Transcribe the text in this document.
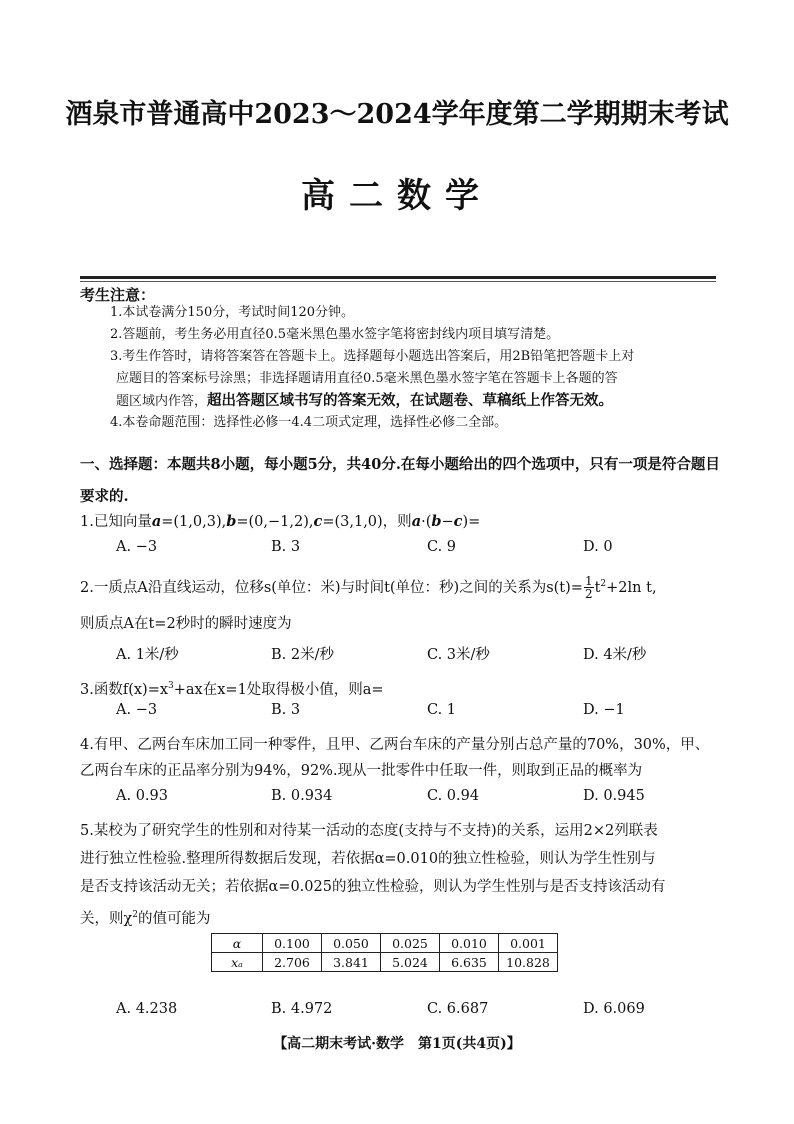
酒泉市普通高中2023～2024学年度第二学期期末考试
高二数学
考生注意：
1.本试卷满分150分，考试时间120分钟。
2.答题前，考生务必用直径0.5毫米黑色墨水签字笔将密封线内项目填写清楚。
3.考生作答时，请将答案答在答题卡上。选择题每小题选出答案后，用2B铅笔把答题卡上对
应题目的答案标号涂黑；非选择题请用直径0.5毫米黑色墨水签字笔在答题卡上各题的答
题区域内作答，超出答题区域书写的答案无效，在试题卷、草稿纸上作答无效。
4.本卷命题范围：选择性必修一4.4二项式定理，选择性必修二全部。
一、选择题：本题共8小题，每小题5分，共40分.在每小题给出的四个选项中，只有一项是符合题目要求的.
1.已知向量a=(1,0,3),b=(0,−1,2),c=(3,1,0)，则a·(b−c)=
A. −3	B. 3	C. 9	D. 0
2.一质点A沿直线运动，位移s(单位：米)与时间t(单位：秒)之间的关系为$s(t)= \frac{1}{2} t^2+2\ln$ t,
则质点A在t=2秒时的瞬时速度为
A. 1米/秒	B. 2米/秒	C. 3米/秒	D. 4米/秒
3.函数$f(x)=x^3+ax$在x=1处取得极小值，则a=
A. −3	B. 3	C. 1	D. −1
4.有甲、乙两台车床加工同一种零件，且甲、乙两台车床的产量分别占总产量的70%，30%，甲、
乙两台车床的正品率分别为94%，92%.现从一批零件中任取一件，则取到正品的概率为
A. 0.93	B. 0.934	C. 0.94	D. 0.945
5.某校为了研究学生的性别和对待某一活动的态度(支持与不支持)的关系，运用2×2列联表
进行独立性检验.整理所得数据后发现，若依据α=0.010的独立性检验，则认为学生性别与
是否支持该活动无关；若依据α=0.025的独立性检验，则认为学生性别与是否支持该活动有
关，则$\chi^2$的值可能为
α	0.100	0.050	0.025	0.010	0.001
xₐ	2.706	3.841	5.024	6.635	10.828
A. 4.238	B. 4.972	C. 6.687	D. 6.069
【高二期末考试·数学　第1页(共4页)】
